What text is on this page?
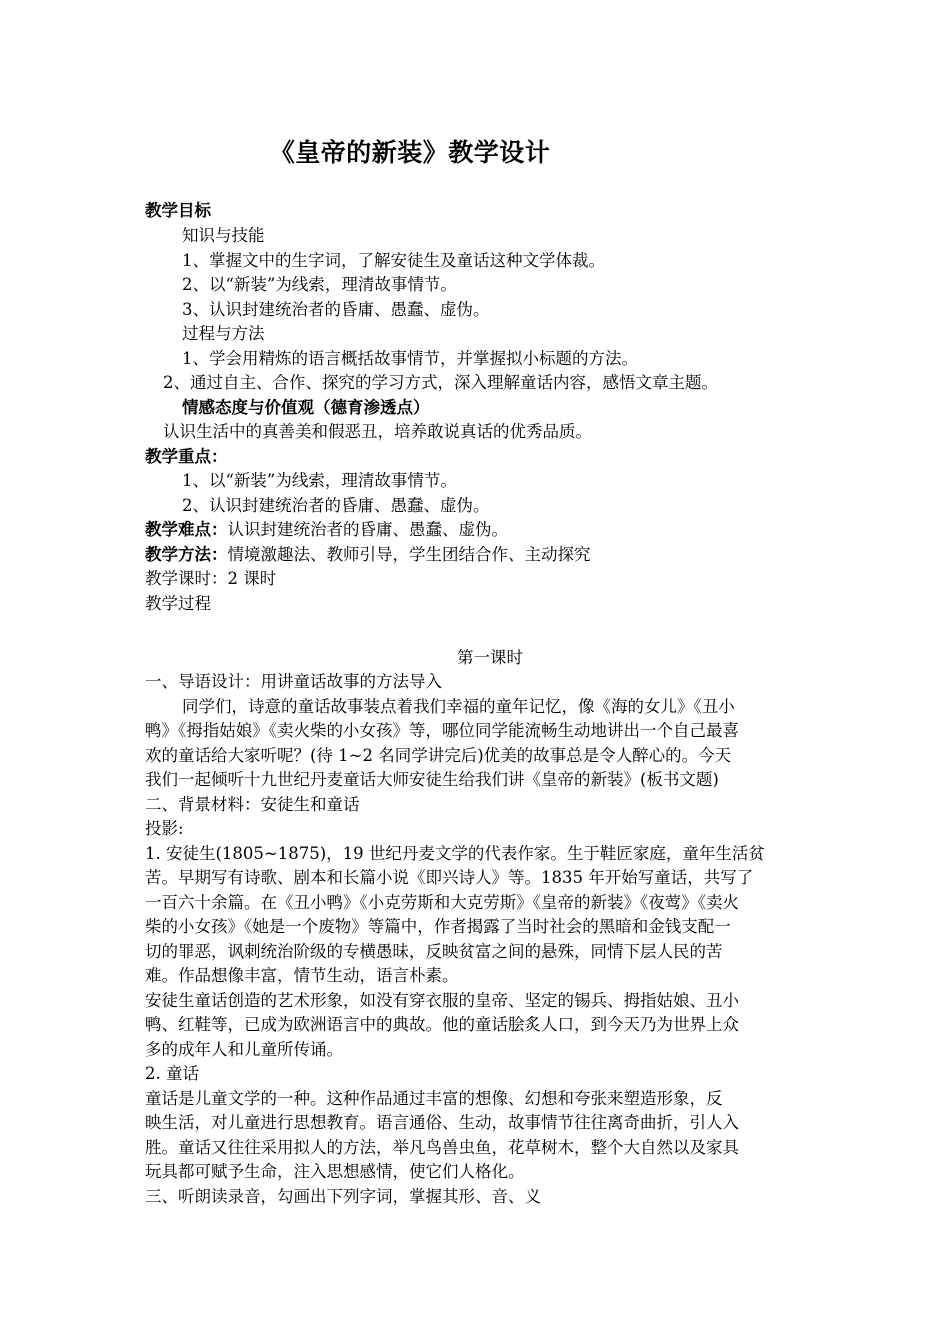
《皇帝的新装》教学设计
教学目标
知识与技能
1、掌握文中的生字词，了解安徒生及童话这种文学体裁。
2、以“新装”为线索，理清故事情节。
3、认识封建统治者的昏庸、愚蠢、虚伪。
过程与方法
1、学会用精炼的语言概括故事情节，并掌握拟小标题的方法。
2、通过自主、合作、探究的学习方式，深入理解童话内容，感悟文章主题。
情感态度与价值观（德育渗透点）
认识生活中的真善美和假恶丑，培养敢说真话的优秀品质。
教学重点：
1、以“新装”为线索，理清故事情节。
2、认识封建统治者的昏庸、愚蠢、虚伪。
教学难点：认识封建统治者的昏庸、愚蠢、虚伪。
教学方法：情境激趣法、教师引导，学生团结合作、主动探究
教学课时：2 课时
教学过程
第一课时
一、导语设计：用讲童话故事的方法导入
同学们，诗意的童话故事装点着我们幸福的童年记忆，像《海的女儿》《丑小
鸭》《拇指姑娘》《卖火柴的小女孩》等，哪位同学能流畅生动地讲出一个自己最喜
欢的童话给大家听呢？(待 1~2 名同学讲完后)优美的故事总是令人醉心的。今天
我们一起倾听十九世纪丹麦童话大师安徒生给我们讲《皇帝的新装》(板书文题)
二、背景材料：安徒生和童话
投影:
1. 安徒生(1805~1875)，19 世纪丹麦文学的代表作家。生于鞋匠家庭，童年生活贫
苦。早期写有诗歌、剧本和长篇小说《即兴诗人》等。1835 年开始写童话，共写了
一百六十余篇。在《丑小鸭》《小克劳斯和大克劳斯》《皇帝的新装》《夜莺》《卖火
柴的小女孩》《她是一个废物》等篇中，作者揭露了当时社会的黑暗和金钱支配一
切的罪恶，讽刺统治阶级的专横愚昧，反映贫富之间的悬殊，同情下层人民的苦
难。作品想像丰富，情节生动，语言朴素。
安徒生童话创造的艺术形象，如没有穿衣服的皇帝、坚定的锡兵、拇指姑娘、丑小
鸭、红鞋等，已成为欧洲语言中的典故。他的童话脍炙人口，到今天乃为世界上众
多的成年人和儿童所传诵。
2. 童话
童话是儿童文学的一种。这种作品通过丰富的想像、幻想和夸张来塑造形象，反
映生活，对儿童进行思想教育。语言通俗、生动，故事情节往往离奇曲折，引人入
胜。童话又往往采用拟人的方法，举凡鸟兽虫鱼，花草树木，整个大自然以及家具
玩具都可赋予生命，注入思想感情，使它们人格化。
三、听朗读录音，勾画出下列字词，掌握其形、音、义
